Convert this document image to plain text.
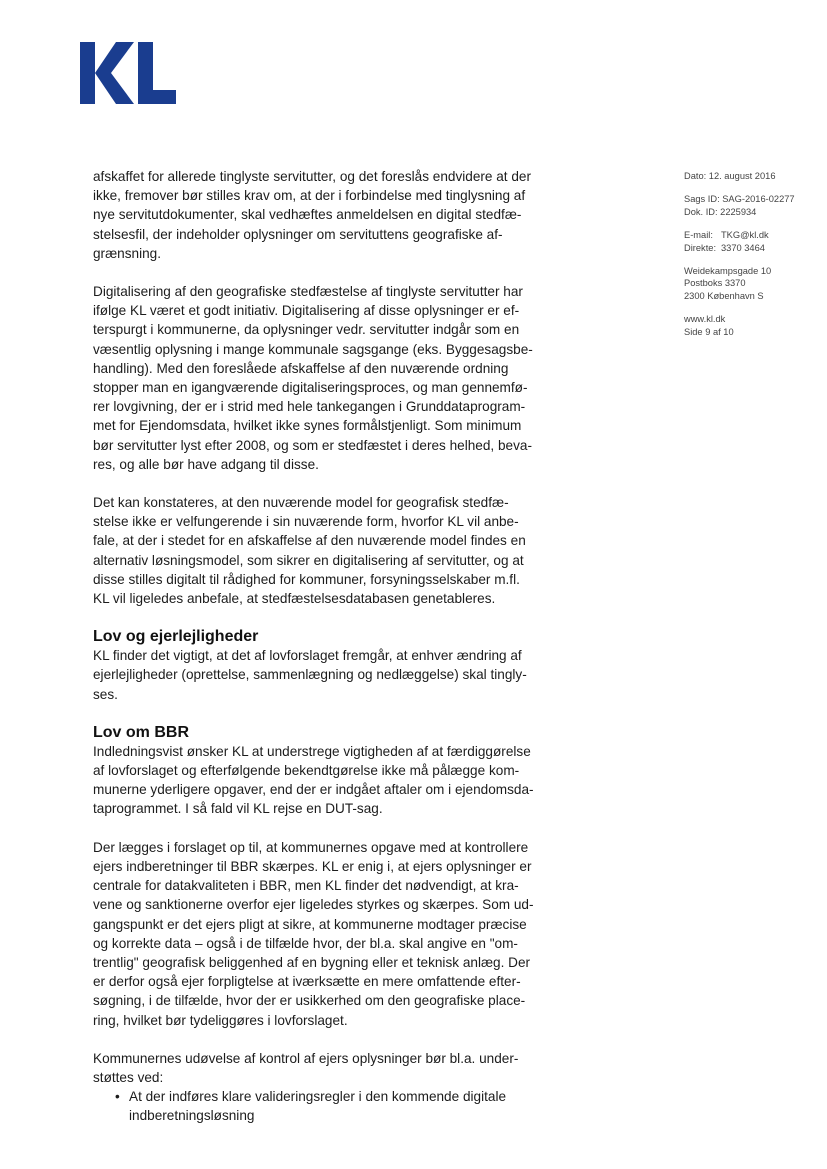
Dato: 12. august 2016
Sags ID: SAG-2016-02277
Dok. ID: 2225934
E-mail: TKG@kl.dk
Direkte: 3370 3464
Weidekampsgade 10
Postboks 3370
2300 København S
www.kl.dk
Side 9 af 10

afskaffet for allerede tinglyste servitutter, og det foreslås endvidere at der
ikke, fremover bør stilles krav om, at der i forbindelse med tinglysning af
nye servitutdokumenter, skal vedhæftes anmeldelsen en digital stedfæ-
stelsesfil, der indeholder oplysninger om servituttens geografiske af-
grænsning.

Digitalisering af den geografiske stedfæstelse af tinglyste servitutter har
ifølge KL været et godt initiativ. Digitalisering af disse oplysninger er ef-
terspurgt i kommunerne, da oplysninger vedr. servitutter indgår som en
væsentlig oplysning i mange kommunale sagsgange (eks. Byggesagsbe-
handling). Med den foreslåede afskaffelse af den nuværende ordning
stopper man en igangværende digitaliseringsproces, og man gennemfø-
rer lovgivning, der er i strid med hele tankegangen i Grunddataprogram-
met for Ejendomsdata, hvilket ikke synes formålstjenligt. Som minimum
bør servitutter lyst efter 2008, og som er stedfæstet i deres helhed, beva-
res, og alle bør have adgang til disse.

Det kan konstateres, at den nuværende model for geografisk stedfæ-
stelse ikke er velfungerende i sin nuværende form, hvorfor KL vil anbe-
fale, at der i stedet for en afskaffelse af den nuværende model findes en
alternativ løsningsmodel, som sikrer en digitalisering af servitutter, og at
disse stilles digitalt til rådighed for kommuner, forsyningsselskaber m.fl.
KL vil ligeledes anbefale, at stedfæstelsesdatabasen genetableres.

Lov og ejerlejligheder

KL finder det vigtigt, at det af lovforslaget fremgår, at enhver ændring af
ejerlejligheder (oprettelse, sammenlægning og nedlæggelse) skal tingly-
ses.

Lov om BBR

Indledningsvist ønsker KL at understrege vigtigheden af at færdiggørelse
af lovforslaget og efterfølgende bekendtgørelse ikke må pålægge kom-
munerne yderligere opgaver, end der er indgået aftaler om i ejendomsda-
taprogrammet. I så fald vil KL rejse en DUT-sag.

Der lægges i forslaget op til, at kommunernes opgave med at kontrollere
ejers indberetninger til BBR skærpes. KL er enig i, at ejers oplysninger er
centrale for datakvaliteten i BBR, men KL finder det nødvendigt, at kra-
vene og sanktionerne overfor ejer ligeledes styrkes og skærpes. Som ud-
gangspunkt er det ejers pligt at sikre, at kommunerne modtager præcise
og korrekte data – også i de tilfælde hvor, der bl.a. skal angive en "om-
trentlig" geografisk beliggenhed af en bygning eller et teknisk anlæg. Der
er derfor også ejer forpligtelse at iværksætte en mere omfattende efter-
søgning, i de tilfælde, hvor der er usikkerhed om den geografiske place-
ring, hvilket bør tydeliggøres i lovforslaget.

Kommunernes udøvelse af kontrol af ejers oplysninger bør bl.a. under-
støttes ved:

• At der indføres klare valideringsregler i den kommende digitale
indberetningsløsning
